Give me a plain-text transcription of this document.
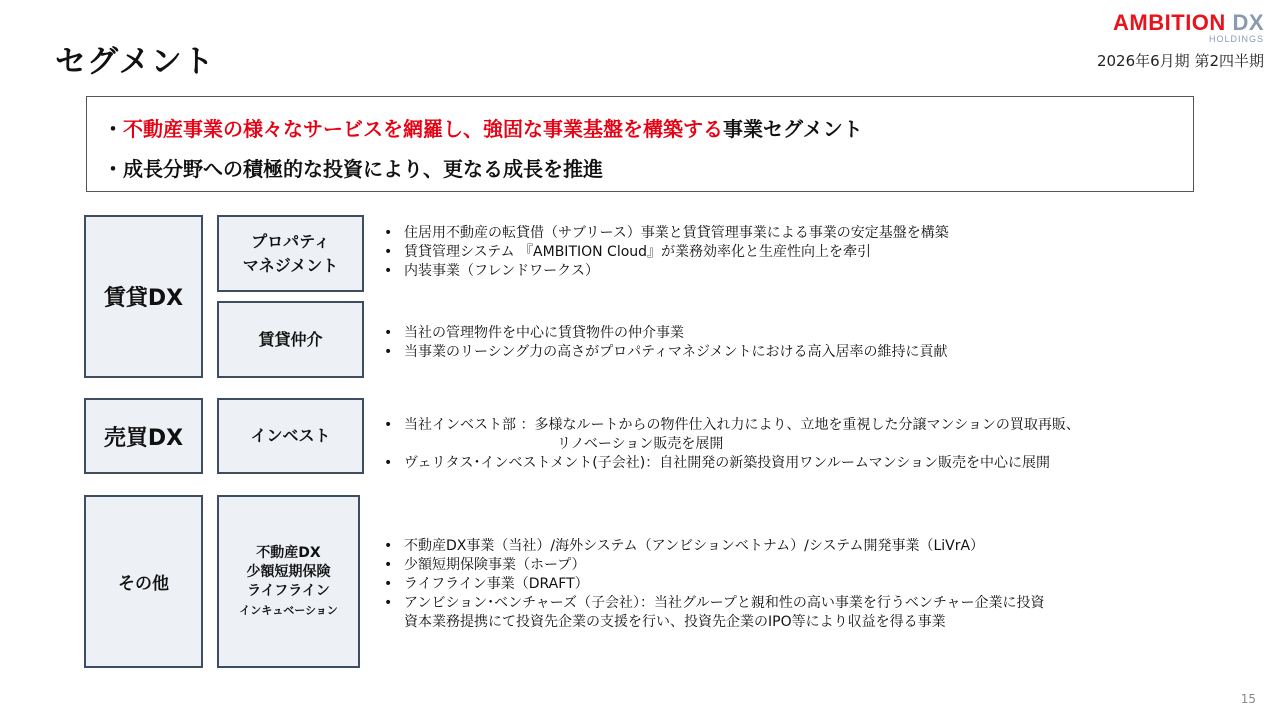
セグメント
AMBITION DX
HOLDINGS
2026年6月期 第2四半期
・不動産事業の様々なサービスを網羅し、強固な事業基盤を構築する事業セグメント
・成長分野への積極的な投資により、更なる成長を推進
賃貸DX
プロパティ
マネジメント
賃貸仲介
• 住居用不動産の転貸借（サブリース）事業と賃貸管理事業による事業の安定基盤を構築
• 賃貸管理システム 『AMBITION Cloud』が業務効率化と生産性向上を牽引
• 内装事業（フレンドワークス）
• 当社の管理物件を中心に賃貸物件の仲介事業
• 当事業のリーシング力の高さがプロパティマネジメントにおける高入居率の維持に貢献
売買DX	インベスト
• 当社インベスト部 ：多様なルートからの物件仕入れ力により、立地を重視した分譲マンションの買取再販、
リノベーション販売を展開
• ヴェリタス･インベストメント(子会社)：自社開発の新築投資用ワンルームマンション販売を中心に展開
その他
不動産DX
少額短期保険
ライフライン
インキュベーション
• 不動産DX事業（当社）/海外システム（アンビションベトナム）/システム開発事業（LiVrA）
• 少額短期保険事業（ホープ）
• ライフライン事業（DRAFT）
• アンビション･ベンチャーズ（子会社）：当社グループと親和性の高い事業を行うベンチャー企業に投資
資本業務提携にて投資先企業の支援を行い、投資先企業のIPO等により収益を得る事業
15
